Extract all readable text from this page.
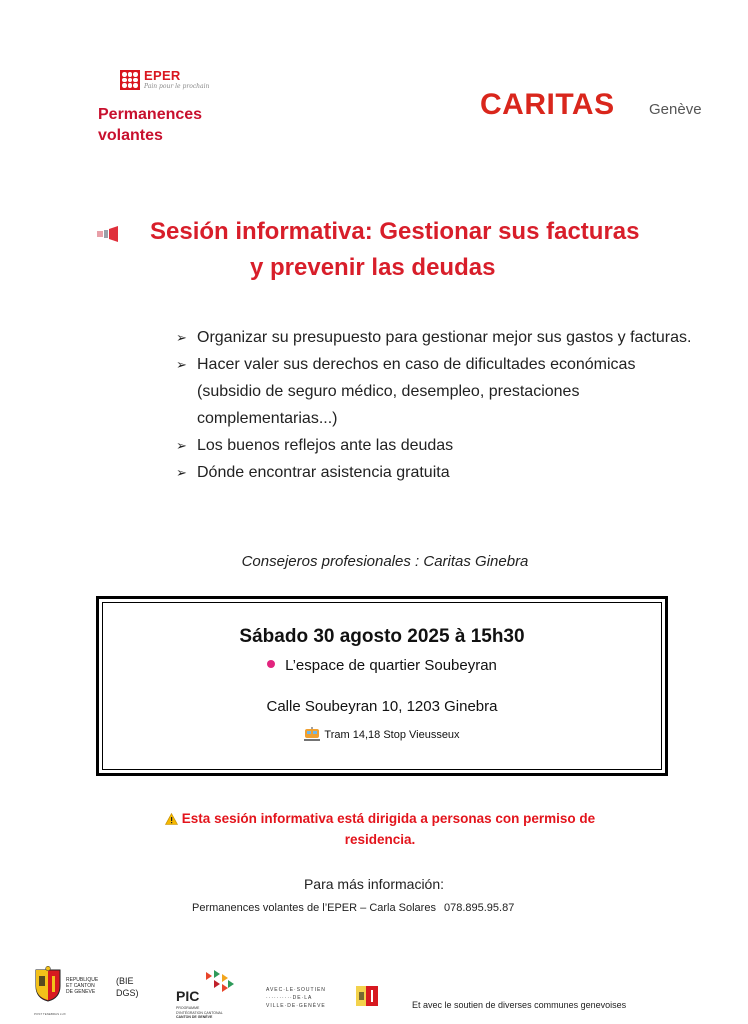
EPER
Pain pour le prochain
Permanences
volantes
CARITAS Genève
Sesión informativa: Gestionar sus facturas
y prevenir las deudas
➢ Organizar su presupuesto para gestionar mejor sus gastos y facturas.
➢ Hacer valer sus derechos en caso de dificultades económicas (subsidio de seguro médico, desempleo, prestaciones complementarias...)
➢ Los buenos reflejos ante las deudas
➢ Dónde encontrar asistencia gratuita
Consejeros profesionales : Caritas Ginebra
Sábado 30 agosto 2025 à 15h30
L’espace de quartier Soubeyran
Calle Soubeyran 10, 1203 Ginebra
Tram 14,18 Stop Vieusseux
Esta sesión informativa está dirigida a personas con permiso de
residencia.
Para más información:
Permanences volantes de l’EPER – Carla Solares 078.895.95.87
REPUBLIQUE
ET CANTON
DE GENEVE
POST TENEBRAS LUX
(BIE
DGS)	PIC
PROGRAMME
D'INTÉGRATION CANTONAL
CANTON DE GENÈVE
AVEC·LE·SOUTIEN
··········DE·LA
VILLE·DE·GENÈVE	Et avec le soutien de diverses communes genevoises
